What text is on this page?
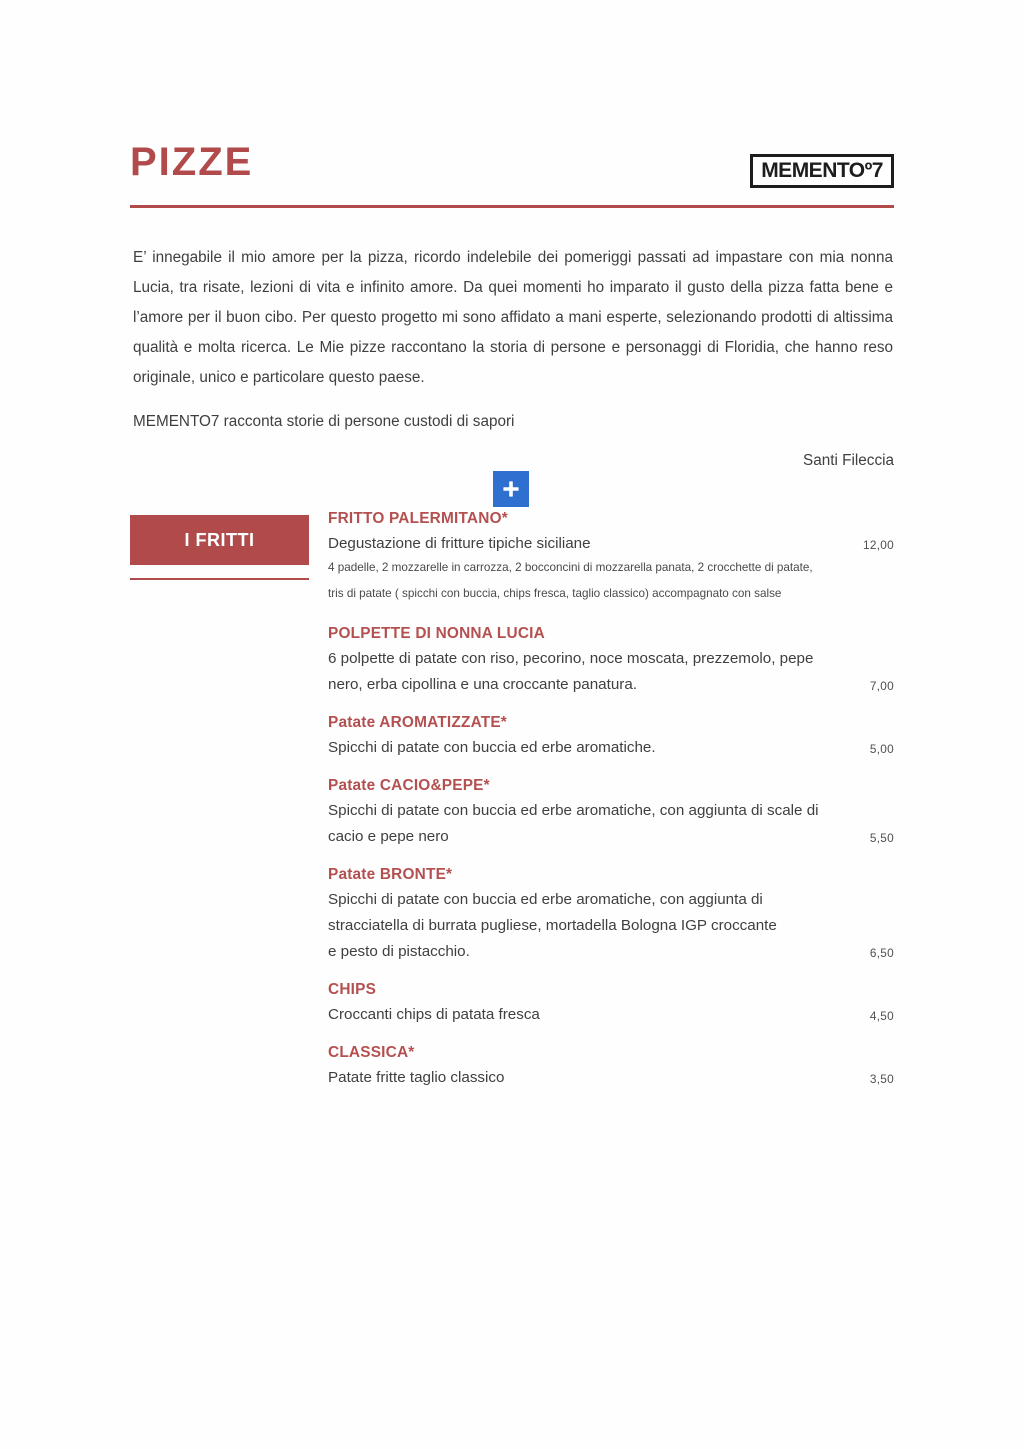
PIZZE	MEMENTOº7

E’ innegabile il mio amore per la pizza, ricordo indelebile dei pomeriggi passati ad impastare con mia nonna Lucia, tra risate, lezioni di vita e infinito amore. Da quei momenti ho imparato il gusto della pizza fatta bene e l’amore per il buon cibo. Per questo progetto mi sono affidato a mani esperte, selezionando prodotti di altissima qualità e molta ricerca. Le Mie pizze raccontano la storia di persone e personaggi di Floridia, che hanno reso originale, unico e particolare questo paese.

MEMENTO7 racconta storie di persone custodi di sapori

Santi Fileccia
I FRITTI
FRITTO PALERMITANO*
Degustazione di fritture tipiche siciliane	12,00
4 padelle, 2 mozzarelle in carrozza, 2 bocconcini di mozzarella panata, 2 crocchette di patate,
tris di patate ( spicchi con buccia, chips fresca, taglio classico) accompagnato con salse
POLPETTE DI NONNA LUCIA
6 polpette di patate con riso, pecorino, noce moscata, prezzemolo, pepe
nero, erba cipollina e una croccante panatura.	7,00
Patate AROMATIZZATE*
Spicchi di patate con buccia ed erbe aromatiche.	5,00
Patate CACIO&PEPE*
Spicchi di patate con buccia ed erbe aromatiche, con aggiunta di scale di
cacio e pepe nero	5,50
Patate BRONTE*
Spicchi di patate con buccia ed erbe aromatiche, con aggiunta di
stracciatella di burrata pugliese, mortadella Bologna IGP croccante
e pesto di pistacchio.	6,50
CHIPS
Croccanti chips di patata fresca	4,50
CLASSICA*
Patate fritte taglio classico	3,50
